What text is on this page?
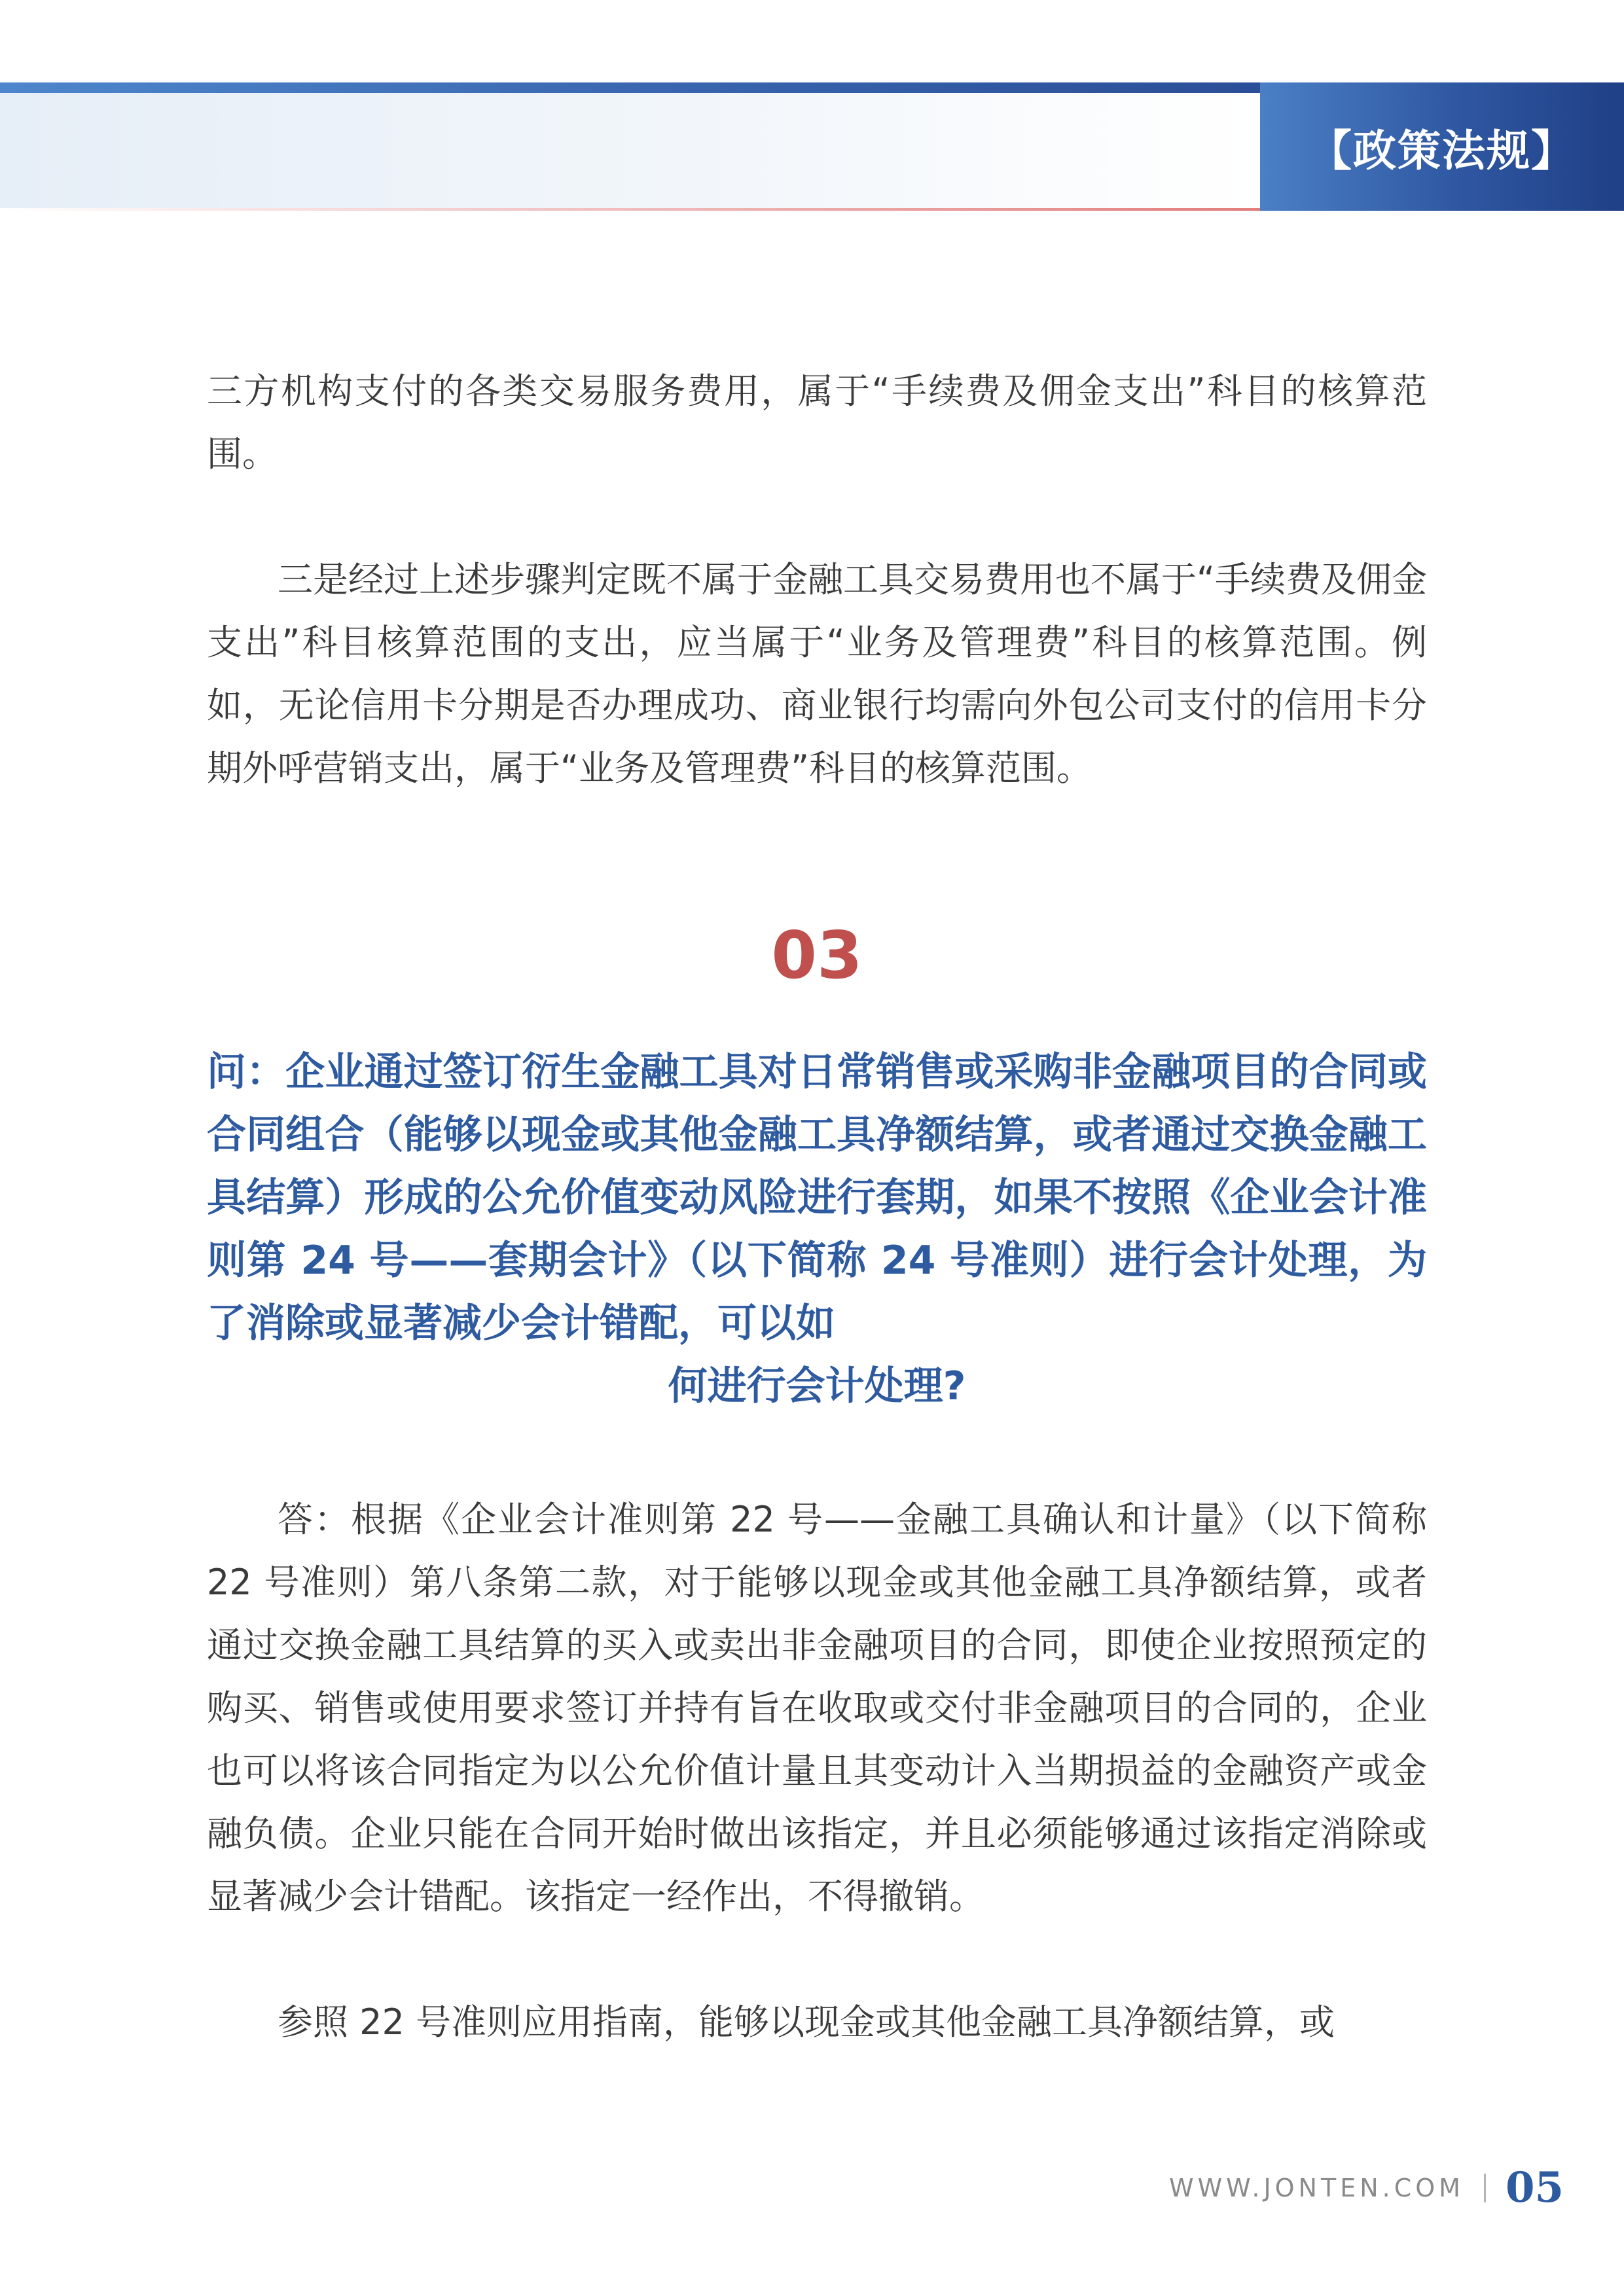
【政策法规】

三方机构支付的各类交易服务费用，属于“手续费及佣金支出”科目的核算范围。

三是经过上述步骤判定既不属于金融工具交易费用也不属于“手续费及佣金支出”科目核算范围的支出，应当属于“业务及管理费”科目的核算范围。例如，无论信用卡分期是否办理成功、商业银行均需向外包公司支付的信用卡分期外呼营销支出，属于“业务及管理费”科目的核算范围。

03

问：企业通过签订衍生金融工具对日常销售或采购非金融项目的合同或合同组合（能够以现金或其他金融工具净额结算，或者通过交换金融工具结算）形成的公允价值变动风险进行套期，如果不按照《企业会计准则第 24 号——套期会计》（以下简称 24 号准则）进行会计处理，为了消除或显著减少会计错配，可以如
何进行会计处理?

答：根据《企业会计准则第 22 号——金融工具确认和计量》（以下简称 22 号准则）第八条第二款，对于能够以现金或其他金融工具净额结算，或者通过交换金融工具结算的买入或卖出非金融项目的合同，即使企业按照预定的购买、销售或使用要求签订并持有旨在收取或交付非金融项目的合同的，企业也可以将该合同指定为以公允价值计量且其变动计入当期损益的金融资产或金融负债。企业只能在合同开始时做出该指定，并且必须能够通过该指定消除或显著减少会计错配。该指定一经作出，不得撤销。

参照 22 号准则应用指南，能够以现金或其他金融工具净额结算，或

WWW.JONTEN.COM 05
